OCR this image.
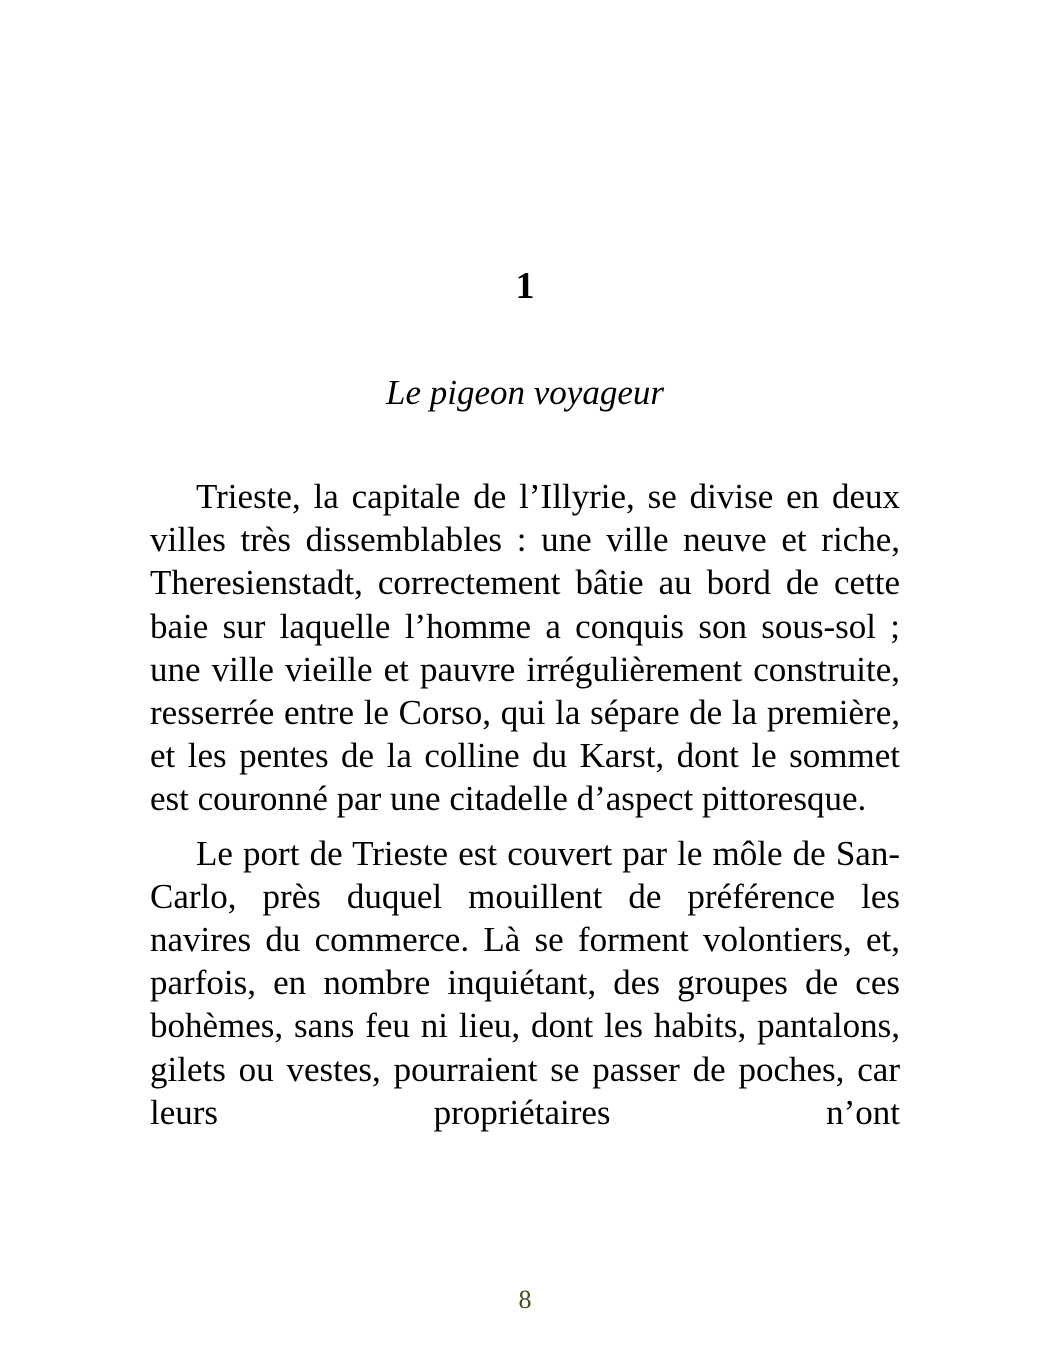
1
Le pigeon voyageur

Trieste, la capitale de l’Illyrie, se divise en deux villes très dissemblables : une ville neuve et riche, Theresienstadt, correctement bâtie au bord de cette baie sur laquelle l’homme a conquis son sous-sol ; une ville vieille et pauvre irrégulièrement construite, resserrée entre le Corso, qui la sépare de la première, et les pentes de la colline du Karst, dont le sommet est couronné par une citadelle d’aspect pittoresque.

Le port de Trieste est couvert par le môle de San-Carlo, près duquel mouillent de préférence les navires du commerce. Là se forment volontiers, et, parfois, en nombre inquiétant, des groupes de ces bohèmes, sans feu ni lieu, dont les habits, pantalons, gilets ou vestes, pourraient se passer de poches, car leurs propriétaires n’ont

8
